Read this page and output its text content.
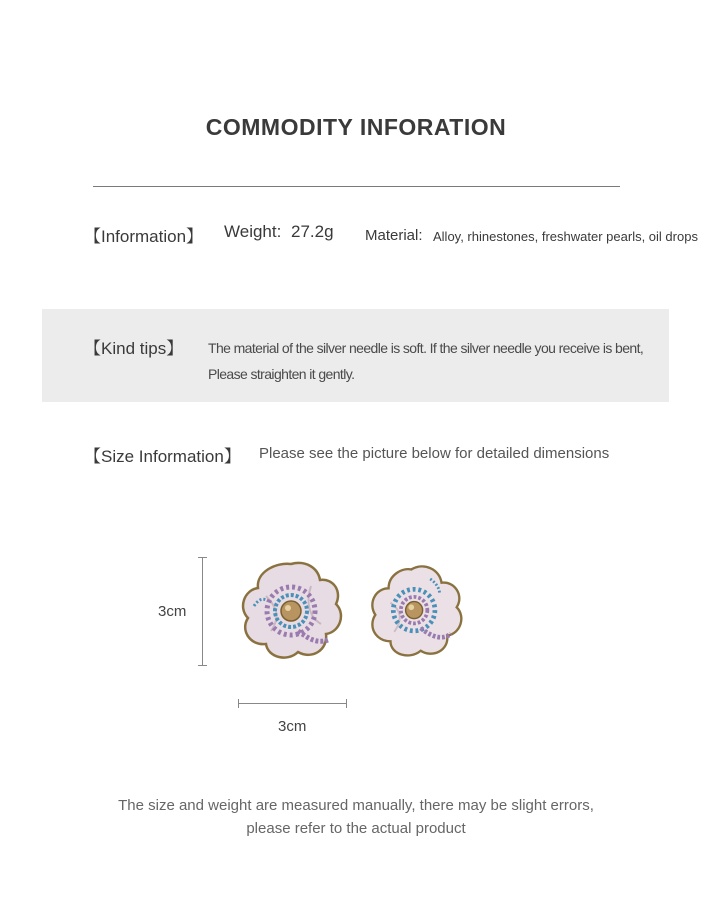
COMMODITY INFORATION
【Information】 Weight: 27.2g Material: Alloy, rhinestones, freshwater pearls, oil drops
【Kind tips】 The material of the silver needle is soft. If the silver needle you receive is bent,
Please straighten it gently.
【Size Information】 Please see the picture below for detailed dimensions
3cm
3cm
The size and weight are measured manually, there may be slight errors,
please refer to the actual product
